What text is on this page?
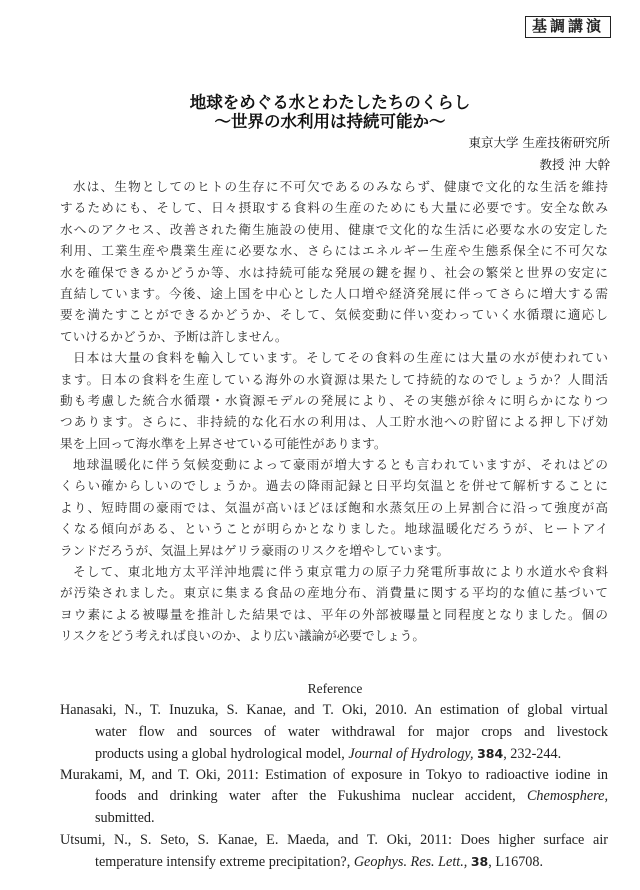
基調講演
地球をめぐる水とわたしたちのくらし
～世界の水利用は持続可能か～
東京大学 生産技術研究所
教授 沖 大幹
水は、生物としてのヒトの生存に不可欠であるのみならず、健康で文化的な生活を維持
するためにも、そして、日々摂取する食料の生産のためにも大量に必要です。安全な飲み
水へのアクセス、改善された衛生施設の使用、健康で文化的な生活に必要な水の安定した
利用、工業生産や農業生産に必要な水、さらにはエネルギー生産や生態系保全に不可欠な
水を確保できるかどうか等、水は持続可能な発展の鍵を握り、社会の繁栄と世界の安定に
直結しています。今後、途上国を中心とした人口増や経済発展に伴ってさらに増大する需
要を満たすことができるかどうか、そして、気候変動に伴い変わっていく水循環に適応し
ていけるかどうか、予断は許しません。
日本は大量の食料を輸入しています。そしてその食料の生産には大量の水が使われてい
ます。日本の食料を生産している海外の水資源は果たして持続的なのでしょうか？人間活
動も考慮した統合水循環・水資源モデルの発展により、その実態が徐々に明らかになりつ
つあります。さらに、非持続的な化石水の利用は、人工貯水池への貯留による押し下げ効
果を上回って海水準を上昇させている可能性があります。
地球温暖化に伴う気候変動によって豪雨が増大するとも言われていますが、それはどの
くらい確からしいのでしょうか。過去の降雨記録と日平均気温とを併せて解析することに
より、短時間の豪雨では、気温が高いほどほぼ飽和水蒸気圧の上昇割合に沿って強度が高
くなる傾向がある、ということが明らかとなりました。地球温暖化だろうが、ヒートアイ
ランドだろうが、気温上昇はゲリラ豪雨のリスクを増やしています。
そして、東北地方太平洋沖地震に伴う東京電力の原子力発電所事故により水道水や食料
が汚染されました。東京に集まる食品の産地分布、消費量に関する平均的な値に基づいて
ヨウ素による被曝量を推計した結果では、平年の外部被曝量と同程度となりました。個の
リスクをどう考えれば良いのか、より広い議論が必要でしょう。
Reference
Hanasaki, N., T. Inuzuka, S. Kanae, and T. Oki, 2010. An estimation of global virtual
water flow and sources of water withdrawal for major crops and livestock
products using a global hydrological model, Journal of Hydrology, 384, 232-244.
Murakami, M, and T. Oki, 2011: Estimation of exposure in Tokyo to radioactive iodine in
foods and drinking water after the Fukushima nuclear accident, Chemosphere,
submitted.
Utsumi, N., S. Seto, S. Kanae, E. Maeda, and T. Oki, 2011: Does higher surface air
temperature intensify extreme precipitation?, Geophys. Res. Lett., 38, L16708.
